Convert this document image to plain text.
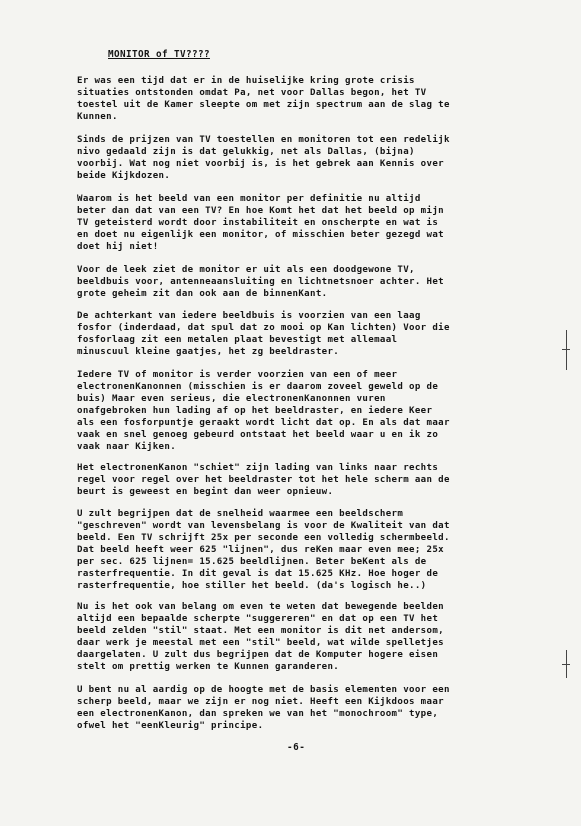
MONITOR of TV????
Er was een tijd dat er in de huiselijke kring grote crisis
situaties ontstonden omdat Pa, net voor Dallas begon, het TV
toestel uit de Kamer sleepte om met zijn spectrum aan de slag te
Kunnen.
Sinds de prijzen van TV toestellen en monitoren tot een redelijk
nivo gedaald zijn is dat gelukkig, net als Dallas, (bijna)
voorbij. Wat nog niet voorbij is, is het gebrek aan Kennis over
beide Kijkdozen.
Waarom is het beeld van een monitor per definitie nu altijd
beter dan dat van een TV? En hoe Komt het dat het beeld op mijn
TV geteisterd wordt door instabiliteit en onscherpte en wat is
en doet nu eigenlijk een monitor, of misschien beter gezegd wat
doet hij niet!
Voor de leek ziet de monitor er uit als een doodgewone TV,
beeldbuis voor, antenneaansluiting en lichtnetsnoer achter. Het
grote geheim zit dan ook aan de binnenKant.
De achterkant van iedere beeldbuis is voorzien van een laag
fosfor (inderdaad, dat spul dat zo mooi op Kan lichten) Voor die
fosforlaag zit een metalen plaat bevestigt met allemaal
minuscuul kleine gaatjes, het zg beeldraster.
Iedere TV of monitor is verder voorzien van een of meer
electronenKanonnen (misschien is er daarom zoveel geweld op de
buis) Maar even serieus, die electronenKanonnen vuren
onafgebroken hun lading af op het beeldraster, en iedere Keer
als een fosforpuntje geraakt wordt licht dat op. En als dat maar
vaak en snel genoeg gebeurd ontstaat het beeld waar u en ik zo
vaak naar Kijken.
Het electronenKanon "schiet" zijn lading van links naar rechts
regel voor regel over het beeldraster tot het hele scherm aan de
beurt is geweest en begint dan weer opnieuw.
U zult begrijpen dat de snelheid waarmee een beeldscherm
"geschreven" wordt van levensbelang is voor de Kwaliteit van dat
beeld. Een TV schrijft 25x per seconde een volledig schermbeeld.
Dat beeld heeft weer 625 "lijnen", dus reKen maar even mee; 25x
per sec. 625 lijnen= 15.625 beeldlijnen. Beter beKent als de
rasterfrequentie. In dit geval is dat 15.625 KHz. Hoe hoger de
rasterfrequentie, hoe stiller het beeld. (da's logisch he..)
Nu is het ook van belang om even te weten dat bewegende beelden
altijd een bepaalde scherpte "suggereren" en dat op een TV het
beeld zelden "stil" staat. Met een monitor is dit net andersom,
daar werk je meestal met een "stil" beeld, wat wilde spelletjes
daargelaten. U zult dus begrijpen dat de Komputer hogere eisen
stelt om prettig werken te Kunnen garanderen.
U bent nu al aardig op de hoogte met de basis elementen voor een
scherp beeld, maar we zijn er nog niet. Heeft een Kijkdoos maar
een electronenKanon, dan spreken we van het "monochroom" type,
ofwel het "eenKleurig" principe.
-6-
